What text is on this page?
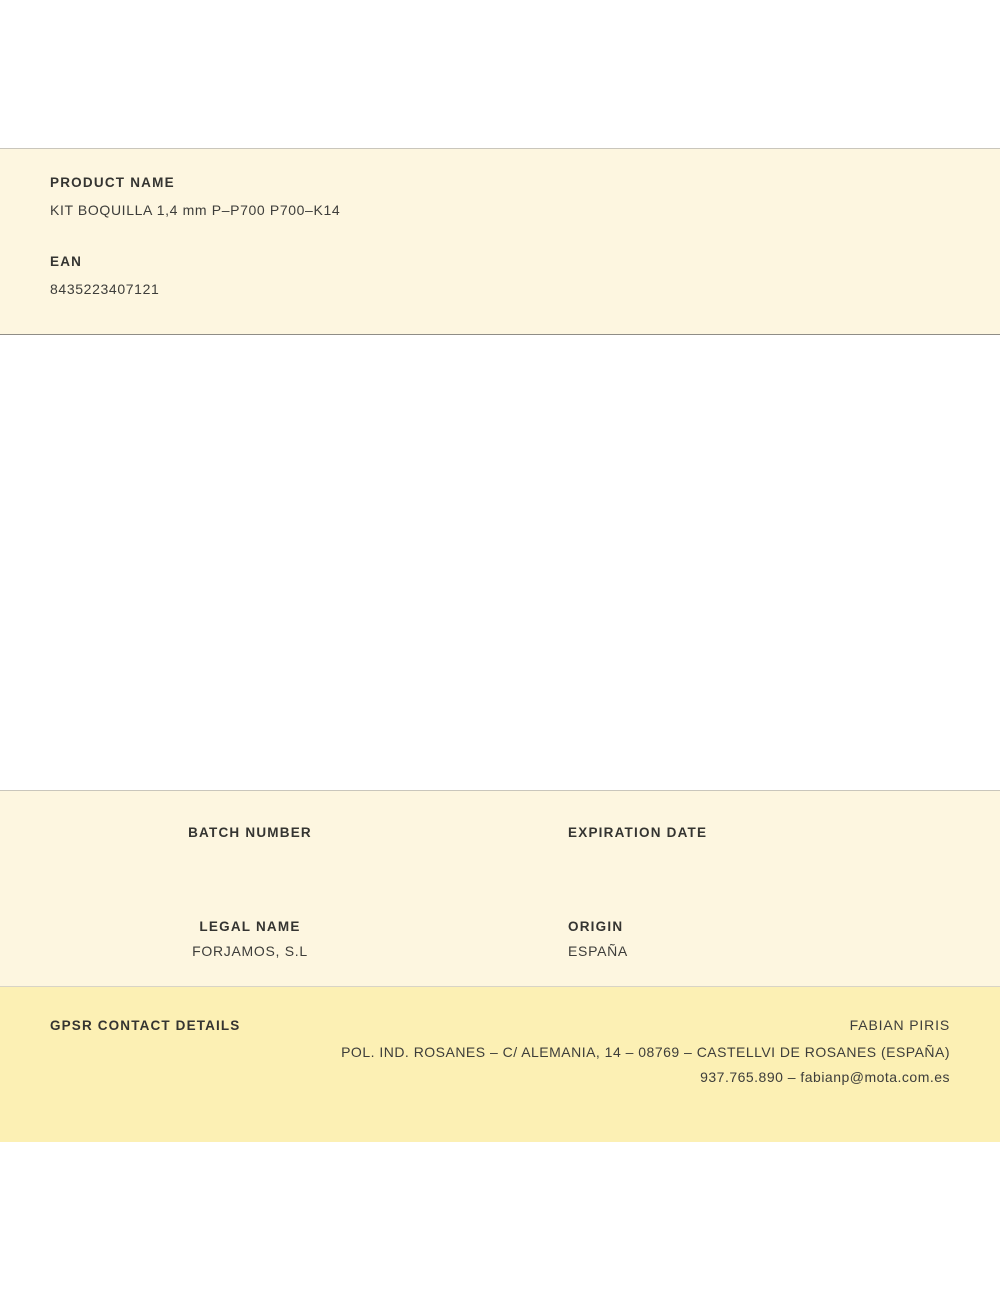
PRODUCT NAME

KIT BOQUILLA 1,4 mm P–P700 P700–K14

EAN

8435223407121

BATCH NUMBER	EXPIRATION DATE

LEGAL NAME

FORJAMOS, S.L

ORIGIN

ESPAÑA

GPSR CONTACT DETAILS	FABIAN PIRIS
POL. IND. ROSANES – C/ ALEMANIA, 14 – 08769 – CASTELLVI DE ROSANES (ESPAÑA)
937.765.890 – fabianp@mota.com.es
